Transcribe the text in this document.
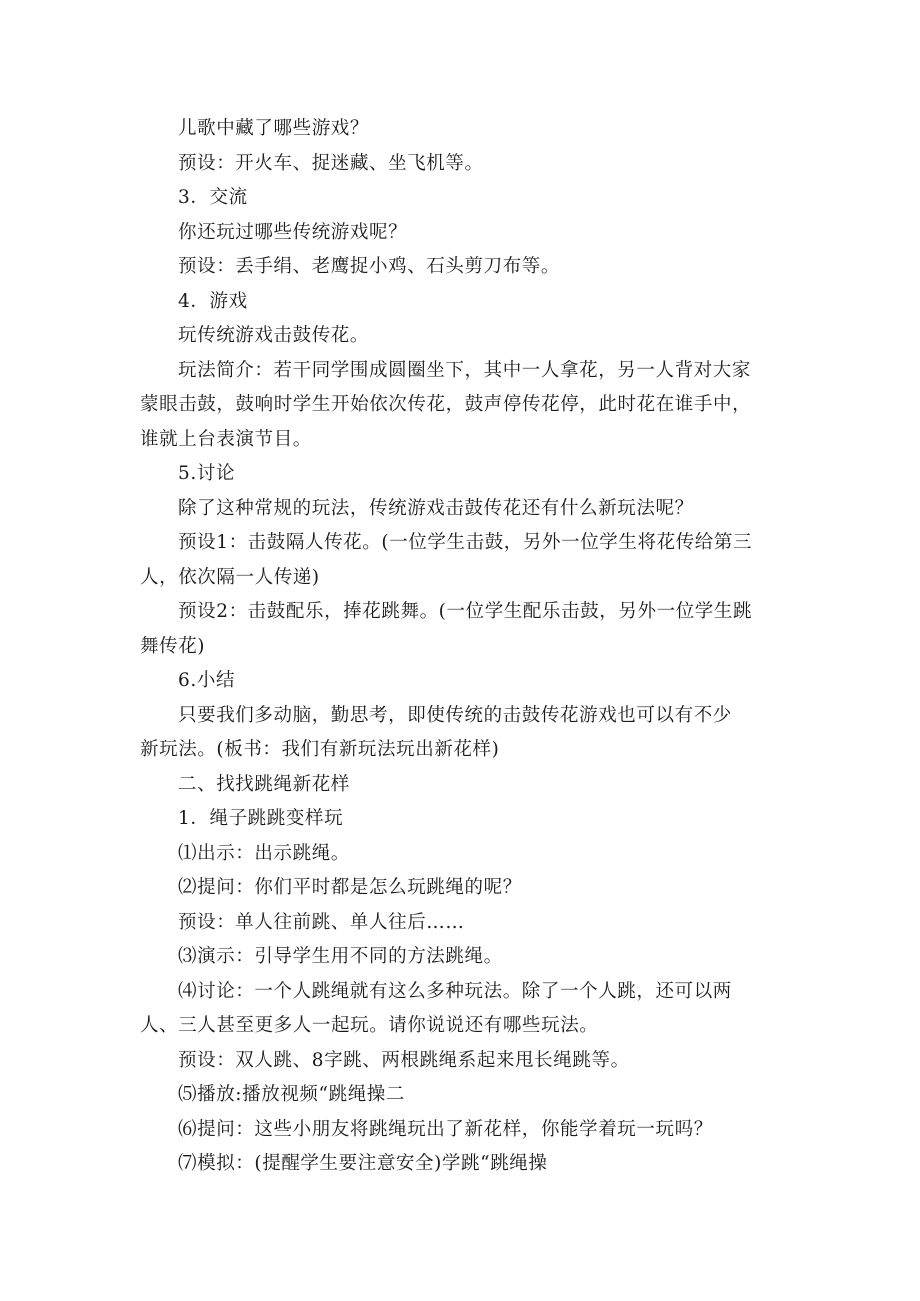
儿歌中藏了哪些游戏？
预设：开火车、捉迷藏、坐飞机等。
3．交流
你还玩过哪些传统游戏呢？
预设：丢手绢、老鹰捉小鸡、石头剪刀布等。
4．游戏
玩传统游戏击鼓传花。
玩法简介：若干同学围成圆圈坐下，其中一人拿花，另一人背对大家
蒙眼击鼓，鼓响时学生开始依次传花，鼓声停传花停，此时花在谁手中，
谁就上台表演节目。
5.讨论
除了这种常规的玩法，传统游戏击鼓传花还有什么新玩法呢？
预设1：击鼓隔人传花。(一位学生击鼓，另外一位学生将花传给第三
人，依次隔一人传递)
预设2：击鼓配乐，捧花跳舞。(一位学生配乐击鼓，另外一位学生跳
舞传花)
6.小结
只要我们多动脑，勤思考，即使传统的击鼓传花游戏也可以有不少
新玩法。(板书：我们有新玩法玩出新花样)
二、找找跳绳新花样
1．绳子跳跳变样玩
⑴出示：出示跳绳。
⑵提问：你们平时都是怎么玩跳绳的呢？
预设：单人往前跳、单人往后……
⑶演示：引导学生用不同的方法跳绳。
⑷讨论：一个人跳绳就有这么多种玩法。除了一个人跳，还可以两
人、三人甚至更多人一起玩。请你说说还有哪些玩法。
预设：双人跳、8字跳、两根跳绳系起来甩长绳跳等。
⑸播放:播放视频“跳绳操二
⑹提问：这些小朋友将跳绳玩出了新花样，你能学着玩一玩吗？
⑺模拟：(提醒学生要注意安全)学跳“跳绳操
